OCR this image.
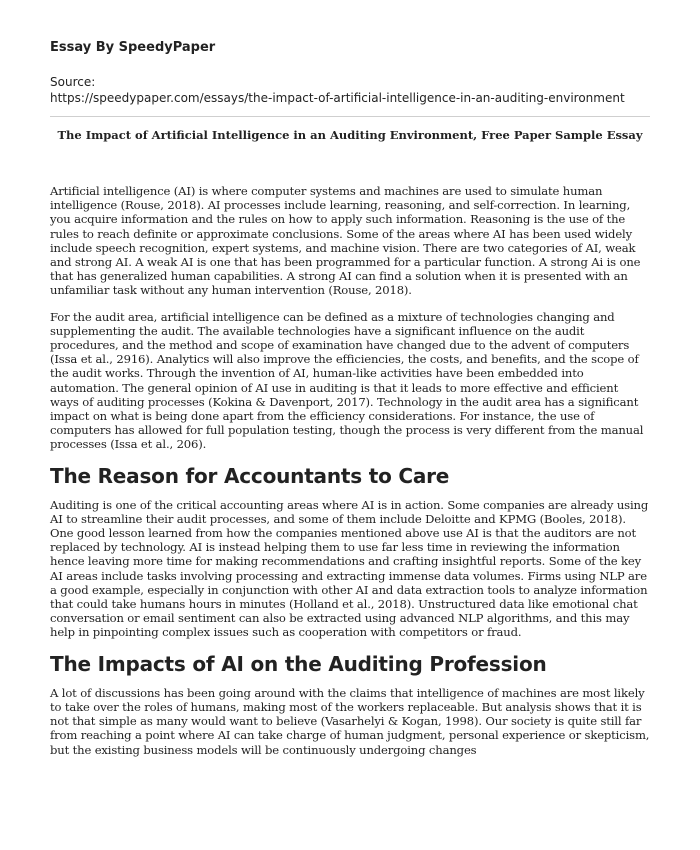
Essay By SpeedyPaper
Source:
https://speedypaper.com/essays/the-impact-of-artificial-intelligence-in-an-auditing-environment
The Impact of Artificial Intelligence in an Auditing Environment, Free Paper Sample Essay

Artificial intelligence (AI) is where computer systems and machines are used to simulate human intelligence (Rouse, 2018). AI processes include learning, reasoning, and self-correction. In learning, you acquire information and the rules on how to apply such information. Reasoning is the use of the rules to reach definite or approximate conclusions. Some of the areas where AI has been used widely include speech recognition, expert systems, and machine vision. There are two categories of AI, weak and strong AI. A weak AI is one that has been programmed for a particular function. A strong Ai is one that has generalized human capabilities. A strong AI can find a solution when it is presented with an unfamiliar task without any human intervention (Rouse, 2018).

For the audit area, artificial intelligence can be defined as a mixture of technologies changing and supplementing the audit. The available technologies have a significant influence on the audit procedures, and the method and scope of examination have changed due to the advent of computers (Issa et al., 2916). Analytics will also improve the efficiencies, the costs, and benefits, and the scope of the audit works. Through the invention of AI, human-like activities have been embedded into automation. The general opinion of AI use in auditing is that it leads to more effective and efficient ways of auditing processes (Kokina & Davenport, 2017). Technology in the audit area has a significant impact on what is being done apart from the efficiency considerations. For instance, the use of computers has allowed for full population testing, though the process is very different from the manual processes (Issa et al., 206).

The Reason for Accountants to Care

Auditing is one of the critical accounting areas where AI is in action. Some companies are already using AI to streamline their audit processes, and some of them include Deloitte and KPMG (Booles, 2018). One good lesson learned from how the companies mentioned above use AI is that the auditors are not replaced by technology. AI is instead helping them to use far less time in reviewing the information hence leaving more time for making recommendations and crafting insightful reports. Some of the key AI areas include tasks involving processing and extracting immense data volumes. Firms using NLP are a good example, especially in conjunction with other AI and data extraction tools to analyze information that could take humans hours in minutes (Holland et al., 2018). Unstructured data like emotional chat conversation or email sentiment can also be extracted using advanced NLP algorithms, and this may help in pinpointing complex issues such as cooperation with competitors or fraud.

The Impacts of AI on the Auditing Profession

A lot of discussions has been going around with the claims that intelligence of machines are most likely to take over the roles of humans, making most of the workers replaceable. But analysis shows that it is not that simple as many would want to believe (Vasarhelyi & Kogan, 1998). Our society is quite still far from reaching a point where AI can take charge of human judgment, personal experience or skepticism, but the existing business models will be continuously undergoing changes
